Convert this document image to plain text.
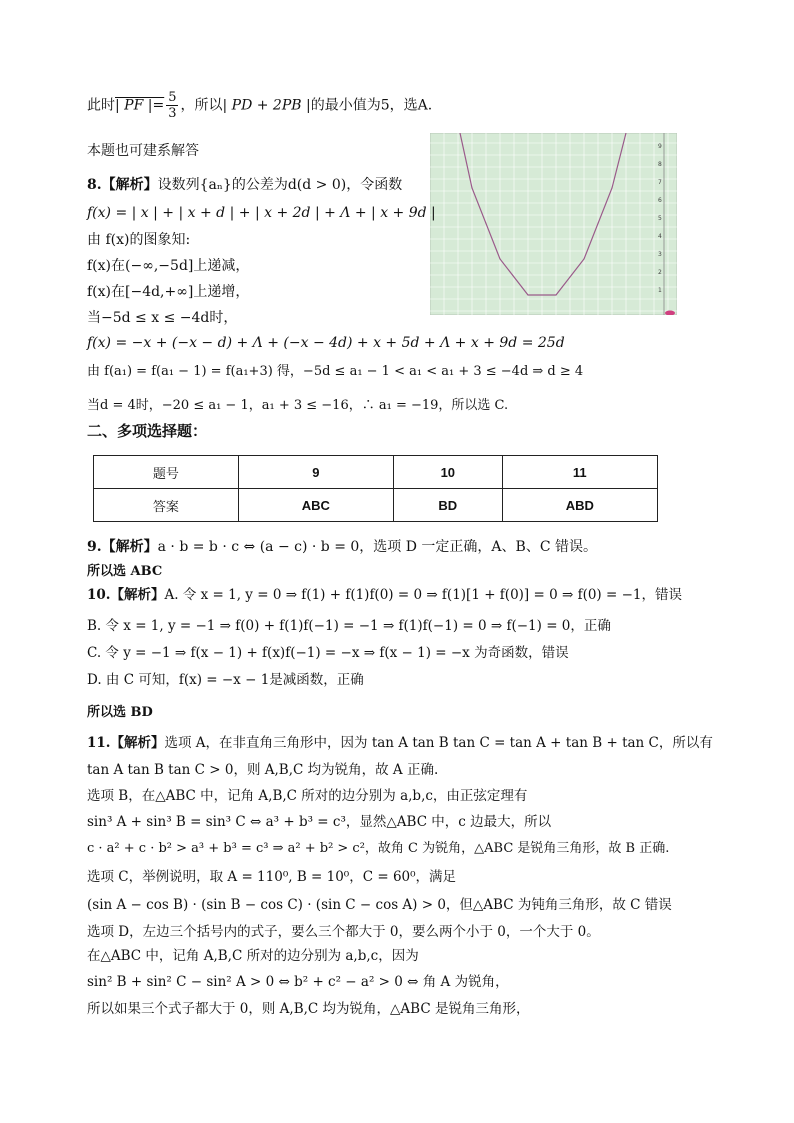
此时| PF |= $\frac{5}{3}$ ，所以| PD + 2PB |的最小值为5，选A.
本题也可建系解答	9
8
7
6
5
4
3
2
1
8.【解析】设数列{aₙ}的公差为d(d > 0)，令函数
f(x) = | x | + | x + d | + | x + 2d | + Λ + | x + 9d |
由 f(x)的图象知:
f(x)在(−∞,−5d]上递减，
f(x)在[−4d,+∞]上递增，
当−5d ≤ x ≤ −4d时，
f(x) = −x + (−x − d) + Λ + (−x − 4d) + x + 5d + Λ + x + 9d = 25d
由 f(a₁) = f(a₁ − 1) = f(a₁+3) 得，−5d ≤ a₁ − 1 < a₁ < a₁ + 3 ≤ −4d ⇒ d ≥ 4
当d = 4时，−20 ≤ a₁ − 1，a₁ + 3 ≤ −16，∴ a₁ = −19，所以选 C.
二、多项选择题：
题号	9	10	11
答案	ABC	BD	ABD
9.【解析】a · b = b · c ⇔ (a − c) · b = 0，选项 D 一定正确，A、B、C 错误。
所以选 ABC
10.【解析】A. 令 x = 1, y = 0 ⇒ f(1) + f(1)f(0) = 0 ⇒ f(1)[1 + f(0)] = 0 ⇒ f(0) = −1，错误
B. 令 x = 1, y = −1 ⇒ f(0) + f(1)f(−1) = −1 ⇒ f(1)f(−1) = 0 ⇒ f(−1) = 0，正确
C. 令 y = −1 ⇒ f(x − 1) + f(x)f(−1) = −x ⇒ f(x − 1) = −x 为奇函数，错误
D. 由 C 可知，f(x) = −x − 1是减函数，正确
所以选 BD
11.【解析】选项 A，在非直角三角形中，因为 tan A tan B tan C = tan A + tan B + tan C，所以有
tan A tan B tan C > 0，则 A,B,C 均为锐角，故 A 正确.
选项 B，在△ABC 中，记角 A,B,C 所对的边分别为 a,b,c，由正弦定理有
sin³ A + sin³ B = sin³ C ⇔ a³ + b³ = c³，显然△ABC 中，c 边最大，所以
c · a² + c · b² > a³ + b³ = c³ ⇒ a² + b² > c²，故角 C 为锐角，△ABC 是锐角三角形，故 B 正确.
选项 C，举例说明，取 A = 110⁰, B = 10⁰，C = 60⁰，满足
(sin A − cos B) · (sin B − cos C) · (sin C − cos A) > 0，但△ABC 为钝角三角形，故 C 错误
选项 D，左边三个括号内的式子，要么三个都大于 0，要么两个小于 0，一个大于 0。
在△ABC 中，记角 A,B,C 所对的边分别为 a,b,c，因为
sin² B + sin² C − sin² A > 0 ⇔ b² + c² − a² > 0 ⇔ 角 A 为锐角，
所以如果三个式子都大于 0，则 A,B,C 均为锐角，△ABC 是锐角三角形，
